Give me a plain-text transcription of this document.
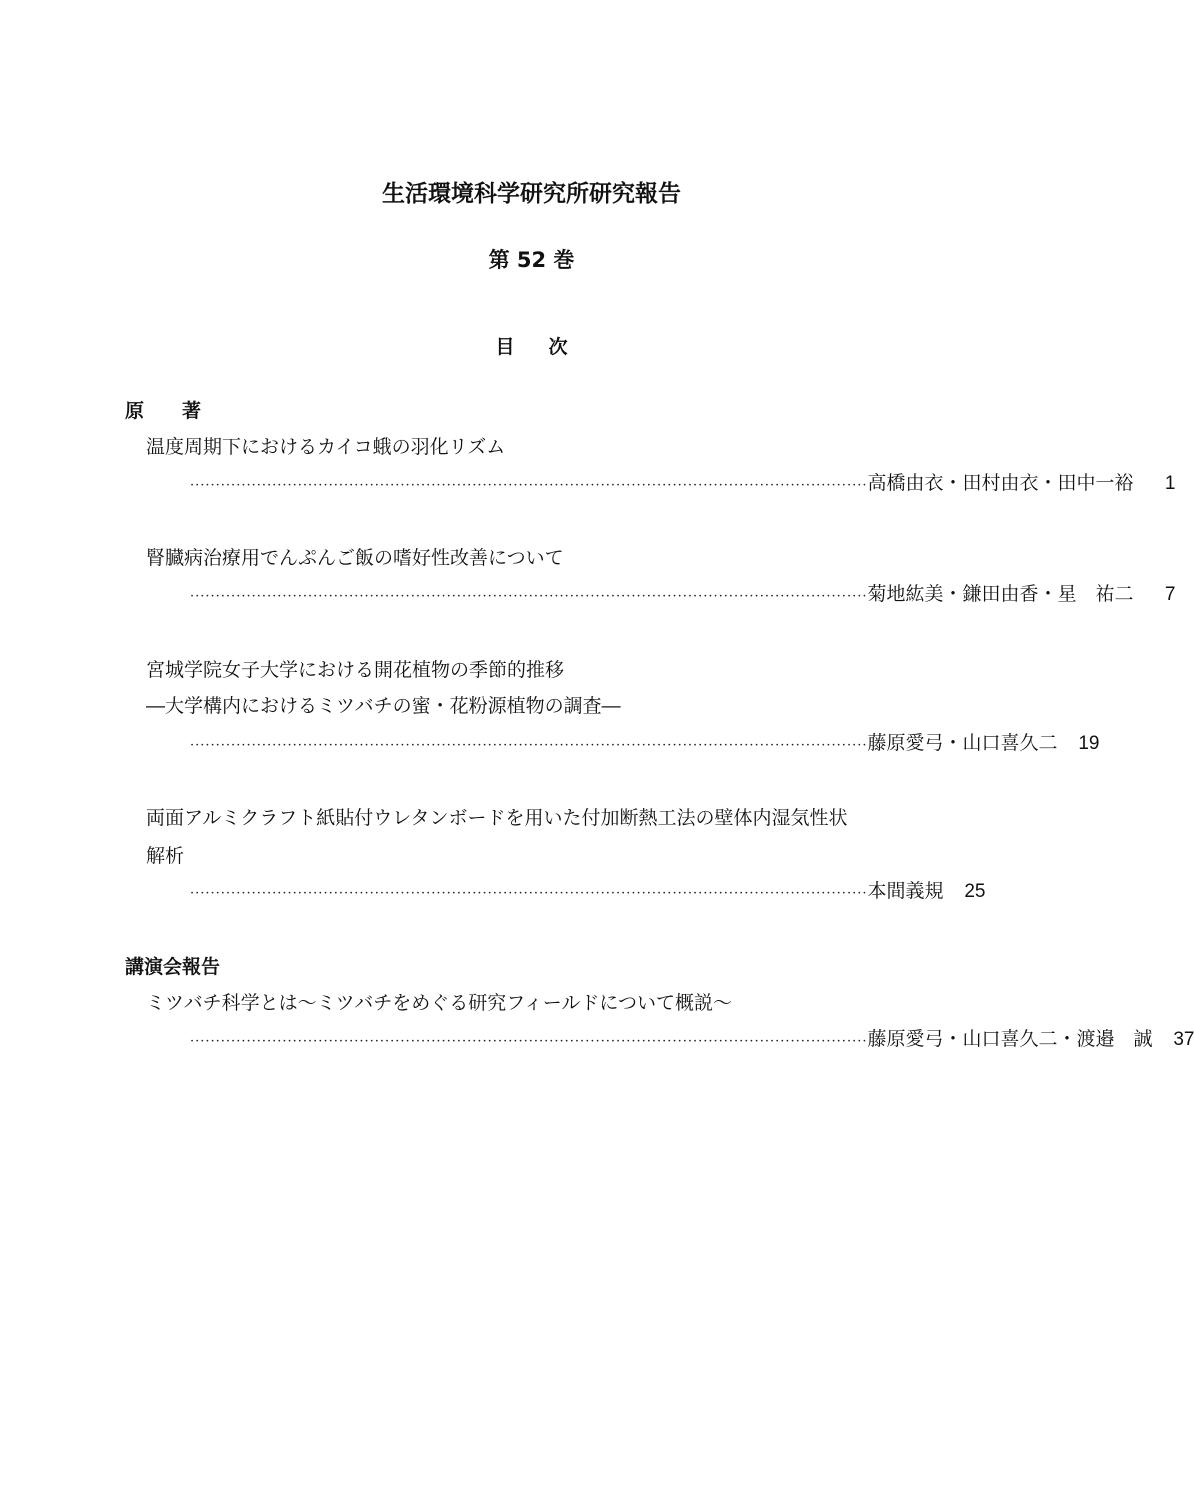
生活環境科学研究所研究報告
第 52 巻
目次
原著
温度周期下におけるカイコ蛾の羽化リズム
···································································································································· 高橋由衣・田村由衣・田中一裕	1
腎臓病治療用でんぷんご飯の嗜好性改善について
···································································································································· 菊地紘美・鎌田由香・星　祐二	7
宮城学院女子大学における開花植物の季節的推移
―大学構内におけるミツバチの蜜・花粉源植物の調査―
···································································································································· 藤原愛弓・山口喜久二	19
両面アルミクラフト紙貼付ウレタンボードを用いた付加断熱工法の壁体内湿気性状
解析
···································································································································· 本間義規	25
講演会報告
ミツバチ科学とは～ミツバチをめぐる研究フィールドについて概説～
···································································································································· 藤原愛弓・山口喜久二・渡邉　誠	37
